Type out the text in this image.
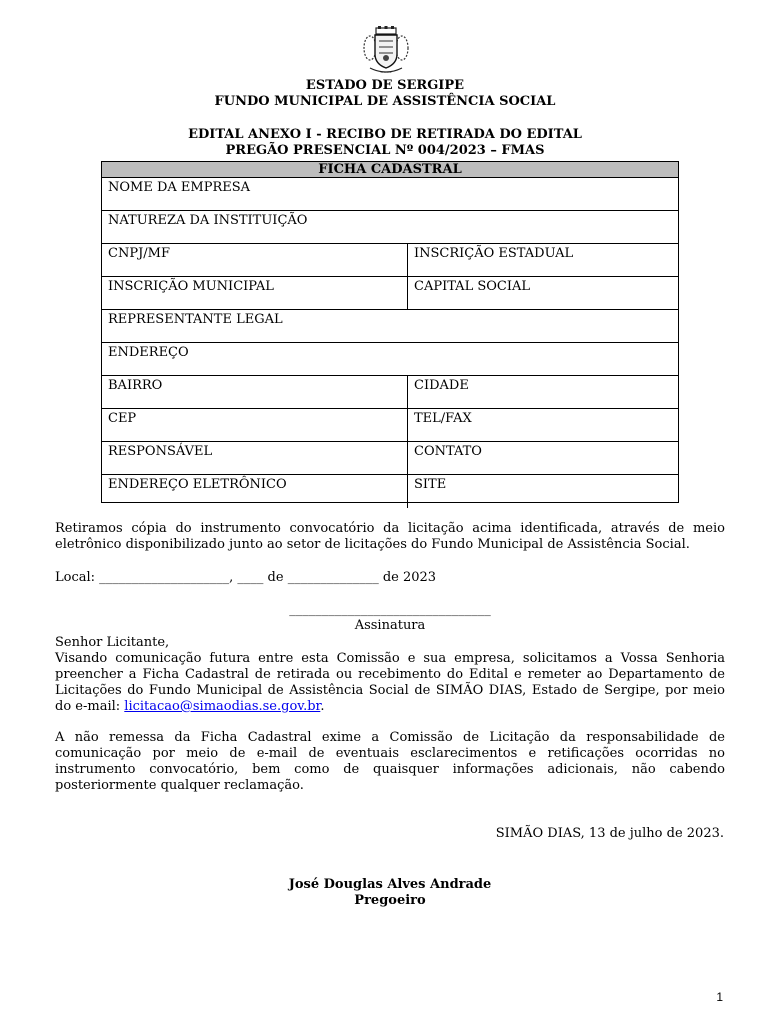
~~~~
ESTADO DE SERGIPE
FUNDO MUNICIPAL DE ASSISTÊNCIA SOCIAL
EDITAL ANEXO I - RECIBO DE RETIRADA DO EDITAL
PREGÃO PRESENCIAL Nº 004/2023 – FMAS
FICHA CADASTRAL
NOME DA EMPRESA
NATUREZA DA INSTITUIÇÃO
CNPJ/MF	INSCRIÇÃO ESTADUAL
INSCRIÇÃO MUNICIPAL	CAPITAL SOCIAL
REPRESENTANTE LEGAL
ENDEREÇO
BAIRRO	CIDADE
CEP	TEL/FAX
RESPONSÁVEL	CONTATO
ENDEREÇO ELETRÔNICO	SITE
Retiramos cópia do instrumento convocatório da licitação acima identificada, através de meio eletrônico disponibilizado junto ao setor de licitações do Fundo Municipal de Assistência Social.
Local: ____________________, ____ de ______________ de 2023
_______________________________
Assinatura
Senhor Licitante,
Visando comunicação futura entre esta Comissão e sua empresa, solicitamos a Vossa Senhoria preencher a Ficha Cadastral de retirada ou recebimento do Edital e remeter ao Departamento de Licitações do Fundo Municipal de Assistência Social de SIMÃO DIAS, Estado de Sergipe, por meio do e-mail: licitacao@simaodias.se.gov.br.
A não remessa da Ficha Cadastral exime a Comissão de Licitação da responsabilidade de comunicação por meio de e-mail de eventuais esclarecimentos e retificações ocorridas no instrumento convocatório, bem como de quaisquer informações adicionais, não cabendo posteriormente qualquer reclamação.
SIMÃO DIAS, 13 de julho de 2023.
José Douglas Alves Andrade
Pregoeiro
1
